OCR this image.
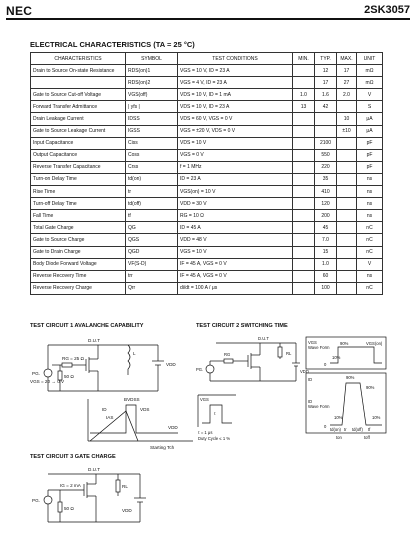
NEC	2SK3057
ELECTRICAL CHARACTERISTICS (TA = 25 °C)
CHARACTERISTICS	SYMBOL	TEST CONDITIONS	MIN.	TYP.	MAX.	UNIT
Drain to Source On-state Resistance	RDS(on)1	VGS = 10 V, ID = 23 A		12	17	mΩ
	RDS(on)2	VGS = 4 V, ID = 23 A		17	27	mΩ
Gate to Source Cut-off Voltage	VGS(off)	VDS = 10 V, ID = 1 mA	1.0	1.6	2.0	V
Forward Transfer Admittance	| yfs |	VDS = 10 V, ID = 23 A	13	42		S
Drain Leakage Current	IDSS	VDS = 60 V, VGS = 0 V			10	μA
Gate to Source Leakage Current	IGSS	VGS = ±20 V, VDS = 0 V			±10	μA
Input Capacitance	Ciss	VDS = 10 V		2100		pF
Output Capacitance	Coss	VGS = 0 V		550		pF
Reverse Transfer Capacitance	Crss	f = 1 MHz		220		pF
Turn-on Delay Time	td(on)	ID = 23 A		35		ns
Rise Time	tr	VGS(on) = 10 V		410		ns
Turn-off Delay Time	td(off)	VDD = 30 V		120		ns
Fall Time	tf	RG = 10 Ω		200		ns
Total Gate Charge	QG	ID = 45 A		45		nC
Gate to Source Charge	QGS	VDD = 48 V		7.0		nC
Gate to Drain Charge	QGD	VGS = 10 V		15		nC
Body Diode Forward Voltage	VF(S-D)	IF = 45 A, VGS = 0 V		1.0		V
Reverse Recovery Time	trr	IF = 45 A, VGS = 0 V		60		ns
Reverse Recovery Charge	Qrr	di/dt = 100 A / μs		100		nC
TEST CIRCUIT 1 AVALANCHE CAPABILITY
D.U.T
RG = 25 Ω
PG.
50 Ω
VGS = 20 → 0 V
L
VDD
ID
BVDSS
IAS
VDS
VDD
Starting Tch
TEST CIRCUIT 2 SWITCHING TIME
D.U.T
RL
RG
PG.	VDD
VGS
VGS
Wave Form
ID
ID
Wave Form
10%
90%
90%
10%
90%
10%
VGS(on)
0
0
td(on) tr td(off) tf
ton	toff
τ
τ = 1 μs
Duty Cycle ≤ 1 %
TEST CIRCUIT 3 GATE CHARGE
D.U.T
IG = 2 mA	RL
PG.
50 Ω	VDD
